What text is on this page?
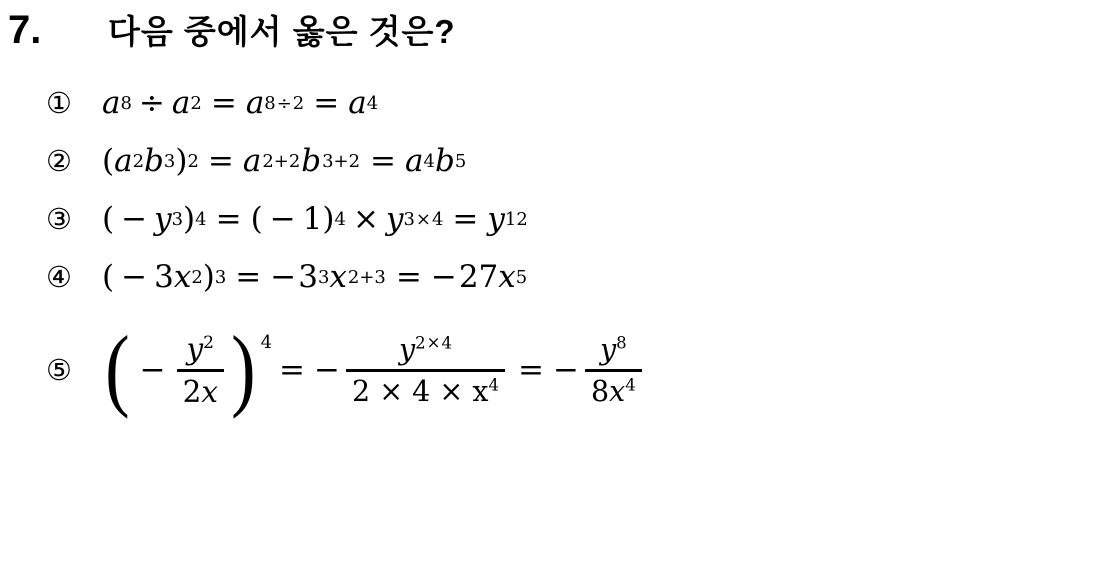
7.	다음 중에서 옳은 것은?
① a 8 ÷ a 2 = a 8÷2 = a 4
② ( a 2 b 3 ) 2 = a 2+2 b 3+2 = a 4 b 5
③ ( − y 3 ) 4 = ( − 1 ) 4 × y 3×4 = y 12
④ ( − 3 x 2 ) 3 = − 3 3 x 2+3 = − 27 x 5
⑤ ( − $\frac{y^2}{2x}$ ) 4
= − $\frac{y^{2\times 4}}{2 \times 4 \times x^4}$ = − $\frac{y^8}{8x^4}$
